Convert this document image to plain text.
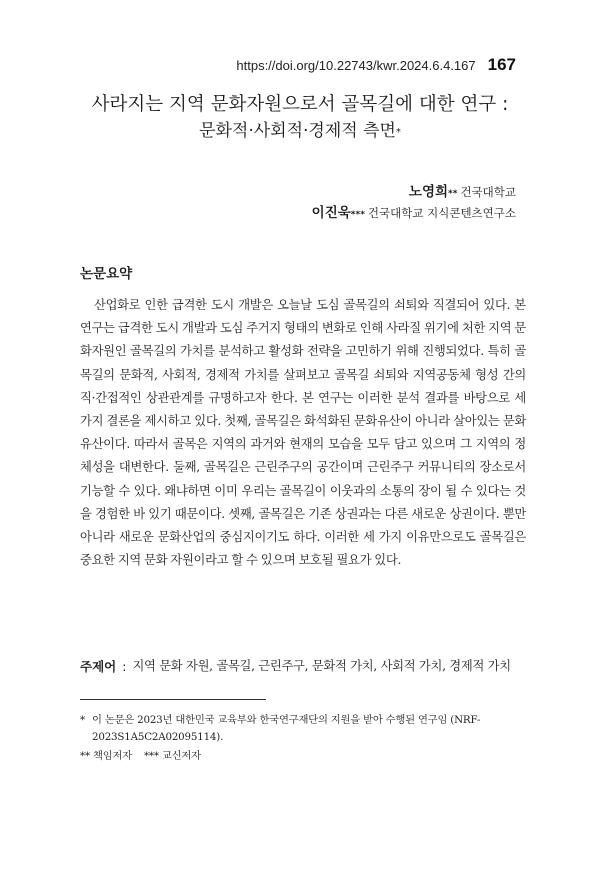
https://doi.org/10.22743/kwr.2024.6.4.167 167
사라지는 지역 문화자원으로서 골목길에 대한 연구 :
문화적·사회적·경제적 측면*
노영희** 건국대학교
이진욱*** 건국대학교 지식콘텐츠연구소
논문요약

산업화로 인한 급격한 도시 개발은 오늘날 도심 골목길의 쇠퇴와 직결되어 있다. 본 연구는 급격한 도시 개발과 도심 주거지 형태의 변화로 인해 사라질 위기에 처한 지역 문화자원인 골목길의 가치를 분석하고 활성화 전략을 고민하기 위해 진행되었다. 특히 골목길의 문화적, 사회적, 경제적 가치를 살펴보고 골목길 쇠퇴와 지역공동체 형성 간의 직·간접적인 상관관계를 규명하고자 한다. 본 연구는 이러한 분석 결과를 바탕으로 세 가지 결론을 제시하고 있다. 첫째, 골목길은 화석화된 문화유산이 아니라 살아있는 문화유산이다. 따라서 골목은 지역의 과거와 현재의 모습을 모두 담고 있으며 그 지역의 정체성을 대변한다. 둘째, 골목길은 근린주구의 공간이며 근린주구 커뮤니티의 장소로서 기능할 수 있다. 왜냐하면 이미 우리는 골목길이 이웃과의 소통의 장이 될 수 있다는 것을 경험한 바 있기 때문이다. 셋째, 골목길은 기존 상권과는 다른 새로운 상권이다. 뿐만 아니라 새로운 문화산업의 중심지이기도 하다. 이러한 세 가지 이유만으로도 골목길은 중요한 지역 문화 자원이라고 할 수 있으며 보호될 필요가 있다.

주제어 : 지역 문화 자원, 골목길, 근린주구, 문화적 가치, 사회적 가치, 경제적 가치
* 이 논문은 2023년 대한민국 교육부와 한국연구재단의 지원을 받아 수행된 연구임 (NRF-2023S1A5C2A02095114).
** 책임저자 *** 교신저자
